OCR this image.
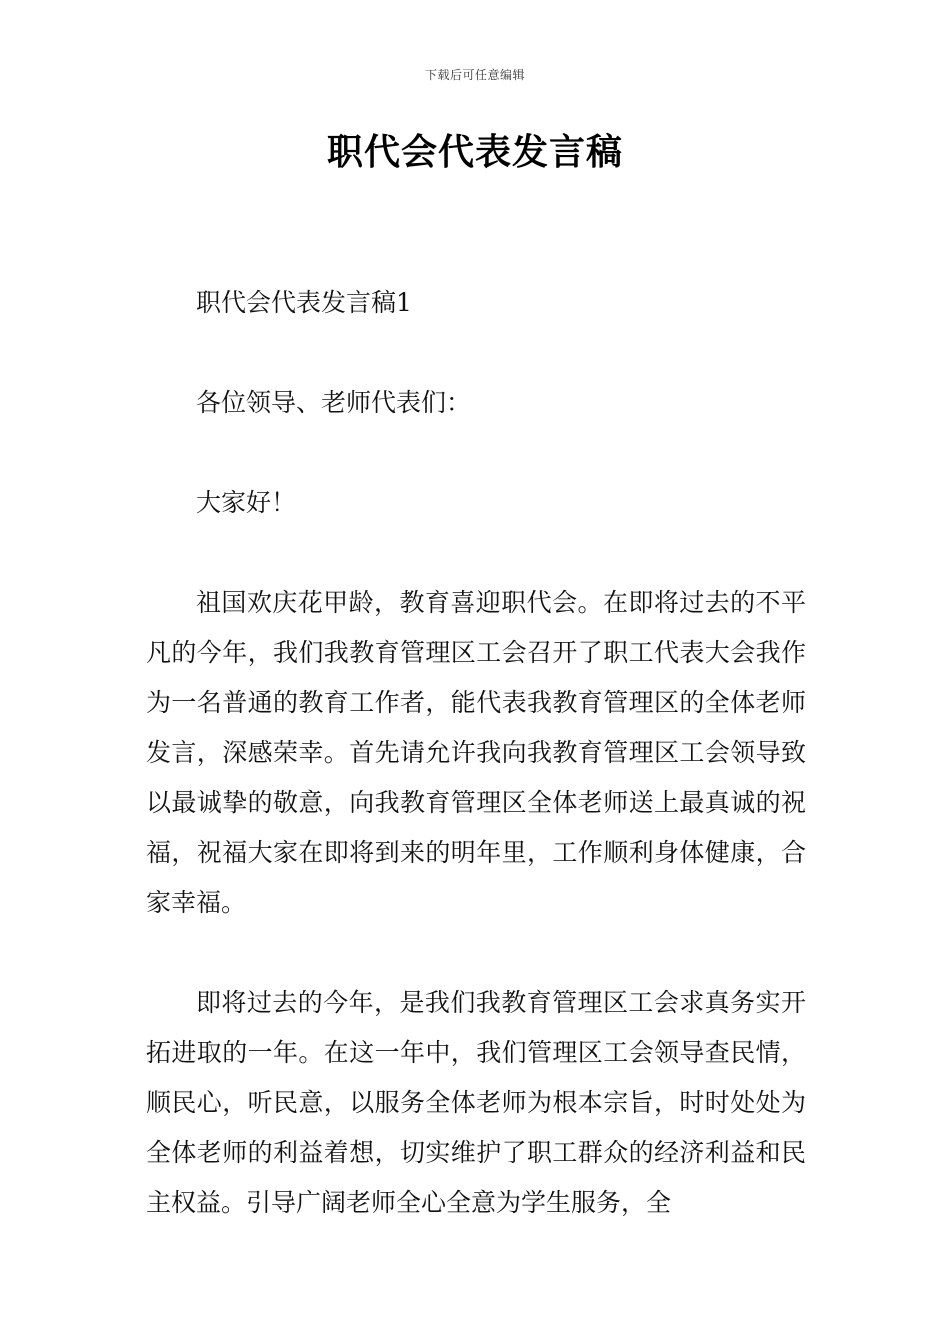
下载后可任意编辑
职代会代表发言稿

职代会代表发言稿1

各位领导、老师代表们：

大家好！

祖国欢庆花甲龄，教育喜迎职代会。在即将过去的不平凡的今年，我们我教育管理区工会召开了职工代表大会我作为一名普通的教育工作者，能代表我教育管理区的全体老师发言，深感荣幸。首先请允许我向我教育管理区工会领导致以最诚挚的敬意，向我教育管理区全体老师送上最真诚的祝福，祝福大家在即将到来的明年里，工作顺利身体健康，合家幸福。

即将过去的今年，是我们我教育管理区工会求真务实开拓进取的一年。在这一年中，我们管理区工会领导查民情，顺民心，听民意，以服务全体老师为根本宗旨，时时处处为全体老师的利益着想，切实维护了职工群众的经济利益和民主权益。引导广阔老师全心全意为学生服务，全
